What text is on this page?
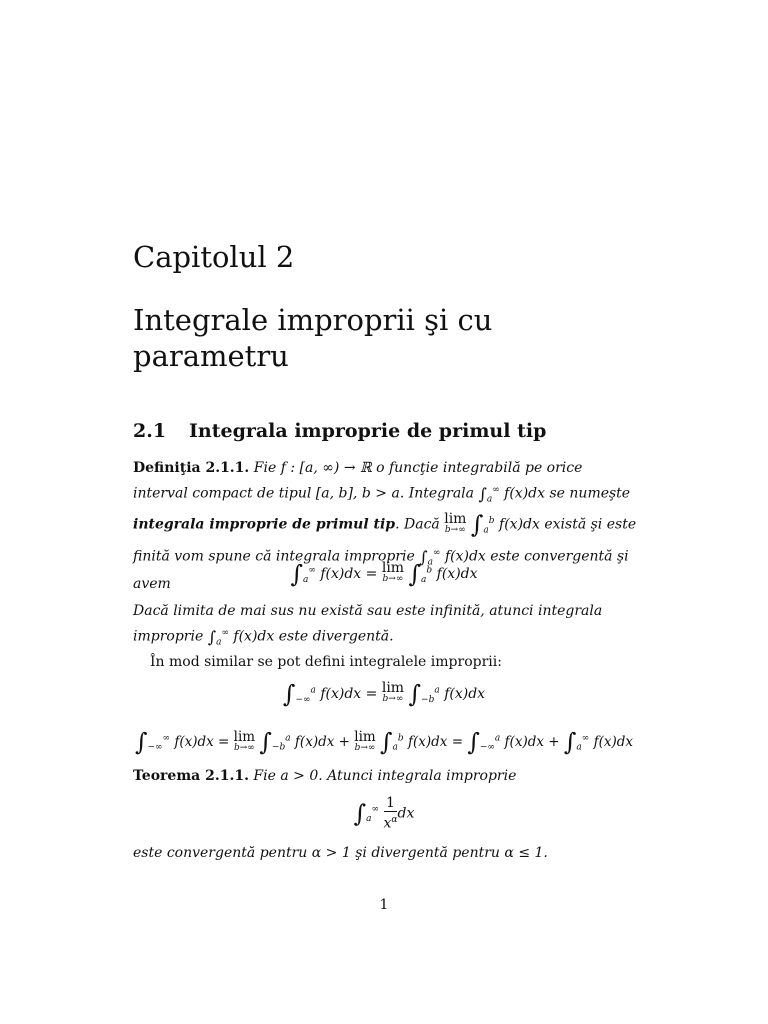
Capitolul 2
Integrale improprii şi cu parametru
2.1 Integrala improprie de primul tip
Definiţia 2.1.1. Fie f : [a, ∞) → ℝ o funcţie integrabilă pe orice interval compact de tipul [a, b], b > a. Integrala $\int_a^\infty$ f(x)dx se numeşte integrala improprie de primul tip. Dacă lim
b→∞ $\int_a^b$ f(x)dx există şi este finită vom spune că integrala improprie $\int_a^\infty$ f(x)dx este convergentă şi avem	$\int_a^\infty$ f(x)dx = lim
b→∞ $\int_a^b$ f(x)dx
Dacă limita de mai sus nu există sau este infinită, atunci integrala improprie $\int_a^\infty$ f(x)dx este divergentă.
În mod similar se pot defini integralele improprii:
$\int_{-\infty}^a$ f(x)dx = lim
b→∞ $\int_{-b}^a$ f(x)dx
$\int_{-\infty}^\infty$ f(x)dx = lim
b→∞ $\int_{-b}^a$ f(x)dx + lim
b→∞ $\int_a^b$ $f(x)dx = \int_{-\infty}^a$ $f(x)dx + \int_a^\infty$ f(x)dx
Teorema 2.1.1. Fie a > 0. Atunci integrala improprie
$\int_a^\infty \frac{1}{x^\alpha}$ dx
este convergentă pentru α > 1 şi divergentă pentru α ≤ 1.
1
